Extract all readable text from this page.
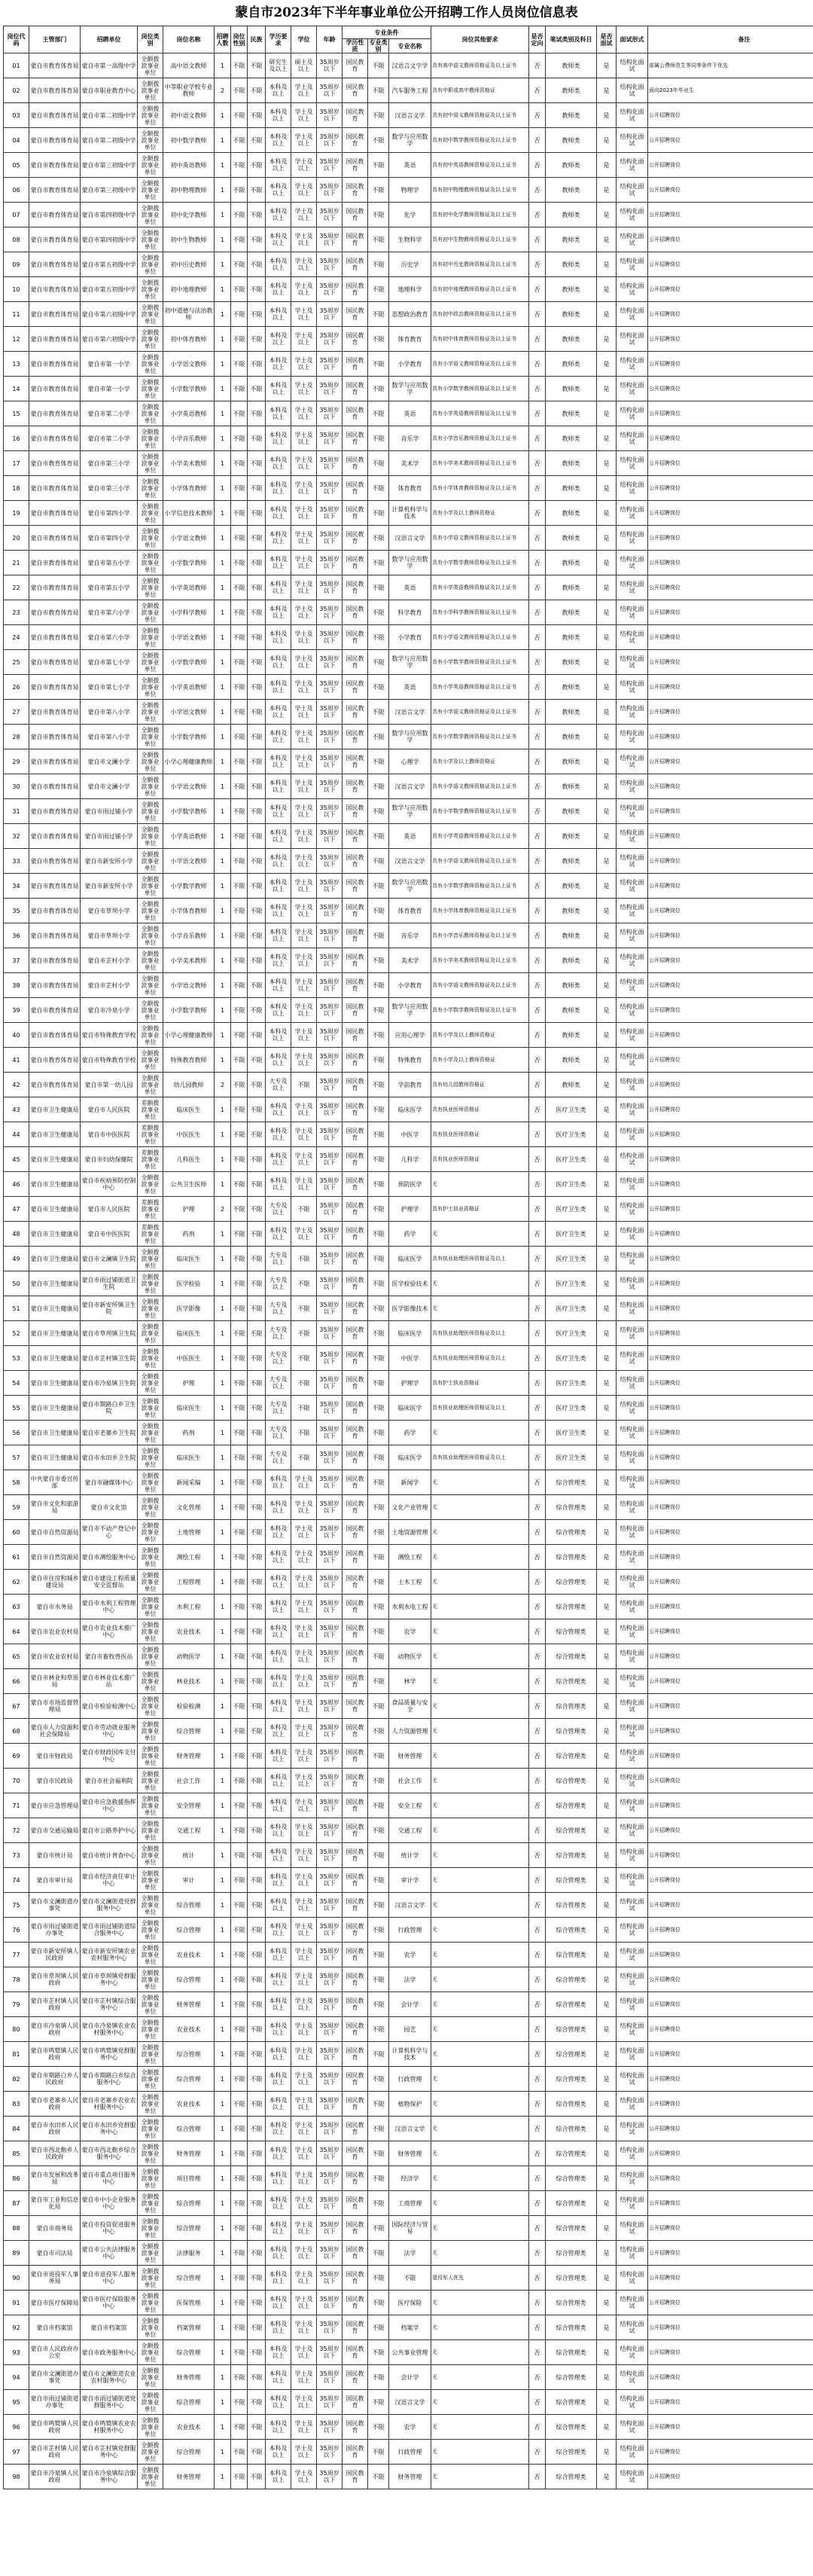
蒙自市2023年下半年事业单位公开招聘工作人员岗位信息表
岗位代码	主管部门	招聘单位	岗位类别	岗位名称	招聘人数	岗位性别	民族	学历要求	学位	年龄	专业条件			岗位其他要求	是否定向	笔试类别及科目	是否面试	面试形式	备注
											学历性质	专业类别	专业名称						
01	蒙自市教育体育局	蒙自市第一高级中学	全额拨款事业单位	高中语文教师	1	不限	不限	研究生及以上	硕士及以上	35周岁以下	国民教育	不限	汉语言文字学	具有高中语文教师资格证及以上证书	否	教师类	是	结构化面试	部属公费师范生等同等条件下优先
02	蒙自市教育体育局	蒙自市职业教育中心	全额拨款事业单位	中等职业学校专业教师	2	不限	不限	本科及以上	学士及以上	35周岁以下	国民教育	不限	汽车服务工程	具有中职或高中教师资格证	否	教师类	是	结构化面试	面向2023年毕业生
03	蒙自市教育体育局	蒙自市第二初级中学	全额拨款事业单位	初中语文教师	1	不限	不限	本科及以上	学士及以上	35周岁以下	国民教育	不限	汉语言文学	具有初中语文教师资格证及以上证书	否	教师类	是	结构化面试	公开招聘岗位
04	蒙自市教育体育局	蒙自市第二初级中学	全额拨款事业单位	初中数学教师	1	不限	不限	本科及以上	学士及以上	35周岁以下	国民教育	不限	数学与应用数学	具有初中数学教师资格证及以上证书	否	教师类	是	结构化面试	公开招聘岗位
05	蒙自市教育体育局	蒙自市第三初级中学	全额拨款事业单位	初中英语教师	1	不限	不限	本科及以上	学士及以上	35周岁以下	国民教育	不限	英语	具有初中英语教师资格证及以上证书	否	教师类	是	结构化面试	公开招聘岗位
06	蒙自市教育体育局	蒙自市第三初级中学	全额拨款事业单位	初中物理教师	1	不限	不限	本科及以上	学士及以上	35周岁以下	国民教育	不限	物理学	具有初中物理教师资格证及以上证书	否	教师类	是	结构化面试	公开招聘岗位
07	蒙自市教育体育局	蒙自市第四初级中学	全额拨款事业单位	初中化学教师	1	不限	不限	本科及以上	学士及以上	35周岁以下	国民教育	不限	化学	具有初中化学教师资格证及以上证书	否	教师类	是	结构化面试	公开招聘岗位
08	蒙自市教育体育局	蒙自市第四初级中学	全额拨款事业单位	初中生物教师	1	不限	不限	本科及以上	学士及以上	35周岁以下	国民教育	不限	生物科学	具有初中生物教师资格证及以上证书	否	教师类	是	结构化面试	公开招聘岗位
09	蒙自市教育体育局	蒙自市第五初级中学	全额拨款事业单位	初中历史教师	1	不限	不限	本科及以上	学士及以上	35周岁以下	国民教育	不限	历史学	具有初中历史教师资格证及以上证书	否	教师类	是	结构化面试	公开招聘岗位
10	蒙自市教育体育局	蒙自市第五初级中学	全额拨款事业单位	初中地理教师	1	不限	不限	本科及以上	学士及以上	35周岁以下	国民教育	不限	地理科学	具有初中地理教师资格证及以上证书	否	教师类	是	结构化面试	公开招聘岗位
11	蒙自市教育体育局	蒙自市第六初级中学	全额拨款事业单位	初中道德与法治教师	1	不限	不限	本科及以上	学士及以上	35周岁以下	国民教育	不限	思想政治教育	具有初中政治教师资格证及以上证书	否	教师类	是	结构化面试	公开招聘岗位
12	蒙自市教育体育局	蒙自市第六初级中学	全额拨款事业单位	初中体育教师	1	不限	不限	本科及以上	学士及以上	35周岁以下	国民教育	不限	体育教育	具有初中体育教师资格证及以上证书	否	教师类	是	结构化面试	公开招聘岗位
13	蒙自市教育体育局	蒙自市第一小学	全额拨款事业单位	小学语文教师	1	不限	不限	本科及以上	学士及以上	35周岁以下	国民教育	不限	小学教育	具有小学语文教师资格证及以上证书	否	教师类	是	结构化面试	公开招聘岗位
14	蒙自市教育体育局	蒙自市第一小学	全额拨款事业单位	小学数学教师	1	不限	不限	本科及以上	学士及以上	35周岁以下	国民教育	不限	数学与应用数学	具有小学数学教师资格证及以上证书	否	教师类	是	结构化面试	公开招聘岗位
15	蒙自市教育体育局	蒙自市第二小学	全额拨款事业单位	小学英语教师	1	不限	不限	本科及以上	学士及以上	35周岁以下	国民教育	不限	英语	具有小学英语教师资格证及以上证书	否	教师类	是	结构化面试	公开招聘岗位
16	蒙自市教育体育局	蒙自市第二小学	全额拨款事业单位	小学音乐教师	1	不限	不限	本科及以上	学士及以上	35周岁以下	国民教育	不限	音乐学	具有小学音乐教师资格证及以上证书	否	教师类	是	结构化面试	公开招聘岗位
17	蒙自市教育体育局	蒙自市第三小学	全额拨款事业单位	小学美术教师	1	不限	不限	本科及以上	学士及以上	35周岁以下	国民教育	不限	美术学	具有小学美术教师资格证及以上证书	否	教师类	是	结构化面试	公开招聘岗位
18	蒙自市教育体育局	蒙自市第三小学	全额拨款事业单位	小学体育教师	1	不限	不限	本科及以上	学士及以上	35周岁以下	国民教育	不限	体育教育	具有小学体育教师资格证及以上证书	否	教师类	是	结构化面试	公开招聘岗位
19	蒙自市教育体育局	蒙自市第四小学	全额拨款事业单位	小学信息技术教师	1	不限	不限	本科及以上	学士及以上	35周岁以下	国民教育	不限	计算机科学与技术	具有小学及以上教师资格证	否	教师类	是	结构化面试	公开招聘岗位
20	蒙自市教育体育局	蒙自市第四小学	全额拨款事业单位	小学语文教师	1	不限	不限	本科及以上	学士及以上	35周岁以下	国民教育	不限	汉语言文学	具有小学语文教师资格证及以上证书	否	教师类	是	结构化面试	公开招聘岗位
21	蒙自市教育体育局	蒙自市第五小学	全额拨款事业单位	小学数学教师	1	不限	不限	本科及以上	学士及以上	35周岁以下	国民教育	不限	数学与应用数学	具有小学数学教师资格证及以上证书	否	教师类	是	结构化面试	公开招聘岗位
22	蒙自市教育体育局	蒙自市第五小学	全额拨款事业单位	小学英语教师	1	不限	不限	本科及以上	学士及以上	35周岁以下	国民教育	不限	英语	具有小学英语教师资格证及以上证书	否	教师类	是	结构化面试	公开招聘岗位
23	蒙自市教育体育局	蒙自市第六小学	全额拨款事业单位	小学科学教师	1	不限	不限	本科及以上	学士及以上	35周岁以下	国民教育	不限	科学教育	具有小学科学教师资格证及以上证书	否	教师类	是	结构化面试	公开招聘岗位
24	蒙自市教育体育局	蒙自市第六小学	全额拨款事业单位	小学语文教师	1	不限	不限	本科及以上	学士及以上	35周岁以下	国民教育	不限	小学教育	具有小学语文教师资格证及以上证书	否	教师类	是	结构化面试	公开招聘岗位
25	蒙自市教育体育局	蒙自市第七小学	全额拨款事业单位	小学数学教师	1	不限	不限	本科及以上	学士及以上	35周岁以下	国民教育	不限	数学与应用数学	具有小学数学教师资格证及以上证书	否	教师类	是	结构化面试	公开招聘岗位
26	蒙自市教育体育局	蒙自市第七小学	全额拨款事业单位	小学英语教师	1	不限	不限	本科及以上	学士及以上	35周岁以下	国民教育	不限	英语	具有小学英语教师资格证及以上证书	否	教师类	是	结构化面试	公开招聘岗位
27	蒙自市教育体育局	蒙自市第八小学	全额拨款事业单位	小学语文教师	1	不限	不限	本科及以上	学士及以上	35周岁以下	国民教育	不限	汉语言文学	具有小学语文教师资格证及以上证书	否	教师类	是	结构化面试	公开招聘岗位
28	蒙自市教育体育局	蒙自市第八小学	全额拨款事业单位	小学数学教师	1	不限	不限	本科及以上	学士及以上	35周岁以下	国民教育	不限	数学与应用数学	具有小学数学教师资格证及以上证书	否	教师类	是	结构化面试	公开招聘岗位
29	蒙自市教育体育局	蒙自市文澜小学	全额拨款事业单位	小学心理健康教师	1	不限	不限	本科及以上	学士及以上	35周岁以下	国民教育	不限	心理学	具有小学及以上教师资格证	否	教师类	是	结构化面试	公开招聘岗位
30	蒙自市教育体育局	蒙自市文澜小学	全额拨款事业单位	小学语文教师	1	不限	不限	本科及以上	学士及以上	35周岁以下	国民教育	不限	汉语言文学	具有小学语文教师资格证及以上证书	否	教师类	是	结构化面试	公开招聘岗位
31	蒙自市教育体育局	蒙自市雨过铺小学	全额拨款事业单位	小学数学教师	1	不限	不限	本科及以上	学士及以上	35周岁以下	国民教育	不限	数学与应用数学	具有小学数学教师资格证及以上证书	否	教师类	是	结构化面试	公开招聘岗位
32	蒙自市教育体育局	蒙自市雨过铺小学	全额拨款事业单位	小学英语教师	1	不限	不限	本科及以上	学士及以上	35周岁以下	国民教育	不限	英语	具有小学英语教师资格证及以上证书	否	教师类	是	结构化面试	公开招聘岗位
33	蒙自市教育体育局	蒙自市新安所小学	全额拨款事业单位	小学语文教师	1	不限	不限	本科及以上	学士及以上	35周岁以下	国民教育	不限	汉语言文学	具有小学语文教师资格证及以上证书	否	教师类	是	结构化面试	公开招聘岗位
34	蒙自市教育体育局	蒙自市新安所小学	全额拨款事业单位	小学数学教师	1	不限	不限	本科及以上	学士及以上	35周岁以下	国民教育	不限	数学与应用数学	具有小学数学教师资格证及以上证书	否	教师类	是	结构化面试	公开招聘岗位
35	蒙自市教育体育局	蒙自市草坝小学	全额拨款事业单位	小学体育教师	1	不限	不限	本科及以上	学士及以上	35周岁以下	国民教育	不限	体育教育	具有小学体育教师资格证及以上证书	否	教师类	是	结构化面试	公开招聘岗位
36	蒙自市教育体育局	蒙自市草坝小学	全额拨款事业单位	小学音乐教师	1	不限	不限	本科及以上	学士及以上	35周岁以下	国民教育	不限	音乐学	具有小学音乐教师资格证及以上证书	否	教师类	是	结构化面试	公开招聘岗位
37	蒙自市教育体育局	蒙自市芷村小学	全额拨款事业单位	小学美术教师	1	不限	不限	本科及以上	学士及以上	35周岁以下	国民教育	不限	美术学	具有小学美术教师资格证及以上证书	否	教师类	是	结构化面试	公开招聘岗位
38	蒙自市教育体育局	蒙自市芷村小学	全额拨款事业单位	小学语文教师	1	不限	不限	本科及以上	学士及以上	35周岁以下	国民教育	不限	小学教育	具有小学语文教师资格证及以上证书	否	教师类	是	结构化面试	公开招聘岗位
39	蒙自市教育体育局	蒙自市冷泉小学	全额拨款事业单位	小学数学教师	1	不限	不限	本科及以上	学士及以上	35周岁以下	国民教育	不限	数学与应用数学	具有小学数学教师资格证及以上证书	否	教师类	是	结构化面试	公开招聘岗位
40	蒙自市教育体育局	蒙自市特殊教育学校	全额拨款事业单位	小学心理健康教师	1	不限	不限	本科及以上	学士及以上	35周岁以下	国民教育	不限	应用心理学	具有小学及以上教师资格证	否	教师类	是	结构化面试	公开招聘岗位
41	蒙自市教育体育局	蒙自市特殊教育学校	全额拨款事业单位	特殊教育教师	1	不限	不限	本科及以上	学士及以上	35周岁以下	国民教育	不限	特殊教育	具有小学及以上教师资格证	否	教师类	是	结构化面试	公开招聘岗位
42	蒙自市教育体育局	蒙自市第一幼儿园	全额拨款事业单位	幼儿园教师	2	不限	不限	大专及以上	不限	35周岁以下	国民教育	不限	学前教育	具有幼儿园教师资格证	否	教师类	是	结构化面试	公开招聘岗位
43	蒙自市卫生健康局	蒙自市人民医院	差额拨款事业单位	临床医生	1	不限	不限	本科及以上	学士及以上	35周岁以下	国民教育	不限	临床医学	具有执业医师资格证	否	医疗卫生类	是	结构化面试	公开招聘岗位
44	蒙自市卫生健康局	蒙自市中医医院	差额拨款事业单位	中医医生	1	不限	不限	本科及以上	学士及以上	35周岁以下	国民教育	不限	中医学	具有执业医师资格证	否	医疗卫生类	是	结构化面试	公开招聘岗位
45	蒙自市卫生健康局	蒙自市妇幼保健院	差额拨款事业单位	儿科医生	1	不限	不限	本科及以上	学士及以上	35周岁以下	国民教育	不限	儿科学	具有执业医师资格证	否	医疗卫生类	是	结构化面试	公开招聘岗位
46	蒙自市卫生健康局	蒙自市疾病预防控制中心	全额拨款事业单位	公共卫生医师	1	不限	不限	本科及以上	学士及以上	35周岁以下	国民教育	不限	预防医学	无	否	医疗卫生类	是	结构化面试	公开招聘岗位
47	蒙自市卫生健康局	蒙自市人民医院	差额拨款事业单位	护理	2	不限	不限	大专及以上	不限	35周岁以下	国民教育	不限	护理学	具有护士执业资格证	否	医疗卫生类	是	结构化面试	公开招聘岗位
48	蒙自市卫生健康局	蒙自市中医医院	差额拨款事业单位	药剂	1	不限	不限	本科及以上	学士及以上	35周岁以下	国民教育	不限	药学	无	否	医疗卫生类	是	结构化面试	公开招聘岗位
49	蒙自市卫生健康局	蒙自市文澜镇卫生院	全额拨款事业单位	临床医生	1	不限	不限	大专及以上	不限	35周岁以下	国民教育	不限	临床医学	具有执业助理医师资格证及以上	否	医疗卫生类	是	结构化面试	公开招聘岗位
50	蒙自市卫生健康局	蒙自市雨过铺街道卫生院	全额拨款事业单位	医学检验	1	不限	不限	大专及以上	不限	35周岁以下	国民教育	不限	医学检验技术	无	否	医疗卫生类	是	结构化面试	公开招聘岗位
51	蒙自市卫生健康局	蒙自市新安所镇卫生院	全额拨款事业单位	医学影像	1	不限	不限	大专及以上	不限	35周岁以下	国民教育	不限	医学影像技术	无	否	医疗卫生类	是	结构化面试	公开招聘岗位
52	蒙自市卫生健康局	蒙自市草坝镇卫生院	全额拨款事业单位	临床医生	1	不限	不限	大专及以上	不限	35周岁以下	国民教育	不限	临床医学	具有执业助理医师资格证及以上	否	医疗卫生类	是	结构化面试	公开招聘岗位
53	蒙自市卫生健康局	蒙自市芷村镇卫生院	全额拨款事业单位	中医医生	1	不限	不限	大专及以上	不限	35周岁以下	国民教育	不限	中医学	具有执业助理医师资格证及以上	否	医疗卫生类	是	结构化面试	公开招聘岗位
54	蒙自市卫生健康局	蒙自市冷泉镇卫生院	全额拨款事业单位	护理	1	不限	不限	大专及以上	不限	35周岁以下	国民教育	不限	护理学	具有护士执业资格证	否	医疗卫生类	是	结构化面试	公开招聘岗位
55	蒙自市卫生健康局	蒙自市期路白乡卫生院	全额拨款事业单位	临床医生	1	不限	不限	大专及以上	不限	35周岁以下	国民教育	不限	临床医学	具有执业助理医师资格证及以上	否	医疗卫生类	是	结构化面试	公开招聘岗位
56	蒙自市卫生健康局	蒙自市老寨乡卫生院	全额拨款事业单位	药剂	1	不限	不限	大专及以上	不限	35周岁以下	国民教育	不限	药学	无	否	医疗卫生类	是	结构化面试	公开招聘岗位
57	蒙自市卫生健康局	蒙自市水田乡卫生院	全额拨款事业单位	临床医生	1	不限	不限	大专及以上	不限	35周岁以下	国民教育	不限	临床医学	具有执业助理医师资格证及以上	否	医疗卫生类	是	结构化面试	公开招聘岗位
58	中共蒙自市委宣传部	蒙自市融媒体中心	全额拨款事业单位	新闻采编	1	不限	不限	本科及以上	学士及以上	35周岁以下	国民教育	不限	新闻学	无	否	综合管理类	是	结构化面试	公开招聘岗位
59	蒙自市文化和旅游局	蒙自市文化馆	全额拨款事业单位	文化管理	1	不限	不限	本科及以上	学士及以上	35周岁以下	国民教育	不限	文化产业管理	无	否	综合管理类	是	结构化面试	公开招聘岗位
60	蒙自市自然资源局	蒙自市不动产登记中心	全额拨款事业单位	土地管理	1	不限	不限	本科及以上	学士及以上	35周岁以下	国民教育	不限	土地资源管理	无	否	综合管理类	是	结构化面试	公开招聘岗位
61	蒙自市自然资源局	蒙自市测绘服务中心	全额拨款事业单位	测绘工程	1	不限	不限	本科及以上	学士及以上	35周岁以下	国民教育	不限	测绘工程	无	否	综合管理类	是	结构化面试	公开招聘岗位
62	蒙自市住房和城乡建设局	蒙自市建设工程质量安全监督站	全额拨款事业单位	工程管理	1	不限	不限	本科及以上	学士及以上	35周岁以下	国民教育	不限	土木工程	无	否	综合管理类	是	结构化面试	公开招聘岗位
63	蒙自市水务局	蒙自市水利工程管理中心	全额拨款事业单位	水利工程	1	不限	不限	本科及以上	学士及以上	35周岁以下	国民教育	不限	水利水电工程	无	否	综合管理类	是	结构化面试	公开招聘岗位
64	蒙自市农业农村局	蒙自市农业技术推广中心	全额拨款事业单位	农业技术	1	不限	不限	本科及以上	学士及以上	35周岁以下	国民教育	不限	农学	无	否	综合管理类	是	结构化面试	公开招聘岗位
65	蒙自市农业农村局	蒙自市畜牧兽医站	全额拨款事业单位	动物医学	1	不限	不限	本科及以上	学士及以上	35周岁以下	国民教育	不限	动物医学	无	否	综合管理类	是	结构化面试	公开招聘岗位
66	蒙自市林业和草原局	蒙自市林业技术推广站	全额拨款事业单位	林业技术	1	不限	不限	本科及以上	学士及以上	35周岁以下	国民教育	不限	林学	无	否	综合管理类	是	结构化面试	公开招聘岗位
67	蒙自市市场监督管理局	蒙自市检验检测中心	全额拨款事业单位	检验检测	1	不限	不限	本科及以上	学士及以上	35周岁以下	国民教育	不限	食品质量与安全	无	否	综合管理类	是	结构化面试	公开招聘岗位
68	蒙自市人力资源和社会保障局	蒙自市劳动就业服务中心	全额拨款事业单位	综合管理	1	不限	不限	本科及以上	学士及以上	35周岁以下	国民教育	不限	人力资源管理	无	否	综合管理类	是	结构化面试	公开招聘岗位
69	蒙自市财政局	蒙自市财政国库支付中心	全额拨款事业单位	财务管理	1	不限	不限	本科及以上	学士及以上	35周岁以下	国民教育	不限	财务管理	无	否	综合管理类	是	结构化面试	公开招聘岗位
70	蒙自市民政局	蒙自市社会福利院	全额拨款事业单位	社会工作	1	不限	不限	本科及以上	学士及以上	35周岁以下	国民教育	不限	社会工作	无	否	综合管理类	是	结构化面试	公开招聘岗位
71	蒙自市应急管理局	蒙自市应急救援指挥中心	全额拨款事业单位	安全管理	1	不限	不限	本科及以上	学士及以上	35周岁以下	国民教育	不限	安全工程	无	否	综合管理类	是	结构化面试	公开招聘岗位
72	蒙自市交通运输局	蒙自市公路养护中心	全额拨款事业单位	交通工程	1	不限	不限	本科及以上	学士及以上	35周岁以下	国民教育	不限	交通工程	无	否	综合管理类	是	结构化面试	公开招聘岗位
73	蒙自市统计局	蒙自市统计普查中心	全额拨款事业单位	统计	1	不限	不限	本科及以上	学士及以上	35周岁以下	国民教育	不限	统计学	无	否	综合管理类	是	结构化面试	公开招聘岗位
74	蒙自市审计局	蒙自市经济责任审计中心	全额拨款事业单位	审计	1	不限	不限	本科及以上	学士及以上	35周岁以下	国民教育	不限	审计学	无	否	综合管理类	是	结构化面试	公开招聘岗位
75	蒙自市文澜街道办事处	蒙自市文澜街道党群服务中心	全额拨款事业单位	综合管理	1	不限	不限	本科及以上	学士及以上	35周岁以下	国民教育	不限	汉语言文学	无	否	综合管理类	是	结构化面试	公开招聘岗位
76	蒙自市雨过铺街道办事处	蒙自市雨过铺街道综合服务中心	全额拨款事业单位	综合管理	1	不限	不限	本科及以上	学士及以上	35周岁以下	国民教育	不限	行政管理	无	否	综合管理类	是	结构化面试	公开招聘岗位
77	蒙自市新安所镇人民政府	蒙自市新安所镇农业农村服务中心	全额拨款事业单位	农业技术	1	不限	不限	本科及以上	学士及以上	35周岁以下	国民教育	不限	农学	无	否	综合管理类	是	结构化面试	公开招聘岗位
78	蒙自市草坝镇人民政府	蒙自市草坝镇党群服务中心	全额拨款事业单位	综合管理	1	不限	不限	本科及以上	学士及以上	35周岁以下	国民教育	不限	法学	无	否	综合管理类	是	结构化面试	公开招聘岗位
79	蒙自市芷村镇人民政府	蒙自市芷村镇综合服务中心	全额拨款事业单位	财务管理	1	不限	不限	本科及以上	学士及以上	35周岁以下	国民教育	不限	会计学	无	否	综合管理类	是	结构化面试	公开招聘岗位
80	蒙自市冷泉镇人民政府	蒙自市冷泉镇农业农村服务中心	全额拨款事业单位	农业技术	1	不限	不限	本科及以上	学士及以上	35周岁以下	国民教育	不限	园艺	无	否	综合管理类	是	结构化面试	公开招聘岗位
81	蒙自市鸣鹫镇人民政府	蒙自市鸣鹫镇党群服务中心	全额拨款事业单位	综合管理	1	不限	不限	本科及以上	学士及以上	35周岁以下	国民教育	不限	计算机科学与技术	无	否	综合管理类	是	结构化面试	公开招聘岗位
82	蒙自市期路白乡人民政府	蒙自市期路白乡综合服务中心	全额拨款事业单位	综合管理	1	不限	不限	本科及以上	学士及以上	35周岁以下	国民教育	不限	行政管理	无	否	综合管理类	是	结构化面试	公开招聘岗位
83	蒙自市老寨乡人民政府	蒙自市老寨乡农业农村服务中心	全额拨款事业单位	农业技术	1	不限	不限	本科及以上	学士及以上	35周岁以下	国民教育	不限	植物保护	无	否	综合管理类	是	结构化面试	公开招聘岗位
84	蒙自市水田乡人民政府	蒙自市水田乡党群服务中心	全额拨款事业单位	综合管理	1	不限	不限	本科及以上	学士及以上	35周岁以下	国民教育	不限	汉语言文学	无	否	综合管理类	是	结构化面试	公开招聘岗位
85	蒙自市西北勒乡人民政府	蒙自市西北勒乡综合服务中心	全额拨款事业单位	财务管理	1	不限	不限	本科及以上	学士及以上	35周岁以下	国民教育	不限	财务管理	无	否	综合管理类	是	结构化面试	公开招聘岗位
86	蒙自市发展和改革局	蒙自市重点项目服务中心	全额拨款事业单位	项目管理	1	不限	不限	本科及以上	学士及以上	35周岁以下	国民教育	不限	经济学	无	否	综合管理类	是	结构化面试	公开招聘岗位
87	蒙自市工业和信息化局	蒙自市中小企业服务中心	全额拨款事业单位	综合管理	1	不限	不限	本科及以上	学士及以上	35周岁以下	国民教育	不限	工商管理	无	否	综合管理类	是	结构化面试	公开招聘岗位
88	蒙自市商务局	蒙自市投资促进服务中心	全额拨款事业单位	综合管理	1	不限	不限	本科及以上	学士及以上	35周岁以下	国民教育	不限	国际经济与贸易	无	否	综合管理类	是	结构化面试	公开招聘岗位
89	蒙自市司法局	蒙自市公共法律服务中心	全额拨款事业单位	法律服务	1	不限	不限	本科及以上	学士及以上	35周岁以下	国民教育	不限	法学	无	否	综合管理类	是	结构化面试	公开招聘岗位
90	蒙自市退役军人事务局	蒙自市退役军人服务中心	全额拨款事业单位	综合管理	1	不限	不限	本科及以上	学士及以上	35周岁以下	国民教育	不限	不限	退役军人优先	否	综合管理类	是	结构化面试	公开招聘岗位
91	蒙自市医疗保障局	蒙自市医疗保险服务中心	全额拨款事业单位	医保管理	1	不限	不限	本科及以上	学士及以上	35周岁以下	国民教育	不限	医疗保险	无	否	综合管理类	是	结构化面试	公开招聘岗位
92	蒙自市档案馆	蒙自市档案馆	全额拨款事业单位	档案管理	1	不限	不限	本科及以上	学士及以上	35周岁以下	国民教育	不限	档案学	无	否	综合管理类	是	结构化面试	公开招聘岗位
93	蒙自市人民政府办公室	蒙自市政务服务中心	全额拨款事业单位	综合管理	1	不限	不限	本科及以上	学士及以上	35周岁以下	国民教育	不限	公共事业管理	无	否	综合管理类	是	结构化面试	公开招聘岗位
94	蒙自市文澜街道办事处	蒙自市文澜街道农业农村服务中心	全额拨款事业单位	财务管理	1	不限	不限	本科及以上	学士及以上	35周岁以下	国民教育	不限	会计学	无	否	综合管理类	是	结构化面试	公开招聘岗位
95	蒙自市雨过铺街道办事处	蒙自市雨过铺街道党群服务中心	全额拨款事业单位	综合管理	1	不限	不限	本科及以上	学士及以上	35周岁以下	国民教育	不限	汉语言文学	无	否	综合管理类	是	结构化面试	公开招聘岗位
96	蒙自市鸣鹫镇人民政府	蒙自市鸣鹫镇农业农村服务中心	全额拨款事业单位	农业技术	1	不限	不限	本科及以上	学士及以上	35周岁以下	国民教育	不限	农学	无	否	综合管理类	是	结构化面试	公开招聘岗位
97	蒙自市芷村镇人民政府	蒙自市芷村镇党群服务中心	全额拨款事业单位	综合管理	1	不限	不限	本科及以上	学士及以上	35周岁以下	国民教育	不限	行政管理	无	否	综合管理类	是	结构化面试	公开招聘岗位
98	蒙自市冷泉镇人民政府	蒙自市冷泉镇综合服务中心	全额拨款事业单位	财务管理	1	不限	不限	本科及以上	学士及以上	35周岁以下	国民教育	不限	财务管理	无	否	综合管理类	是	结构化面试	公开招聘岗位
